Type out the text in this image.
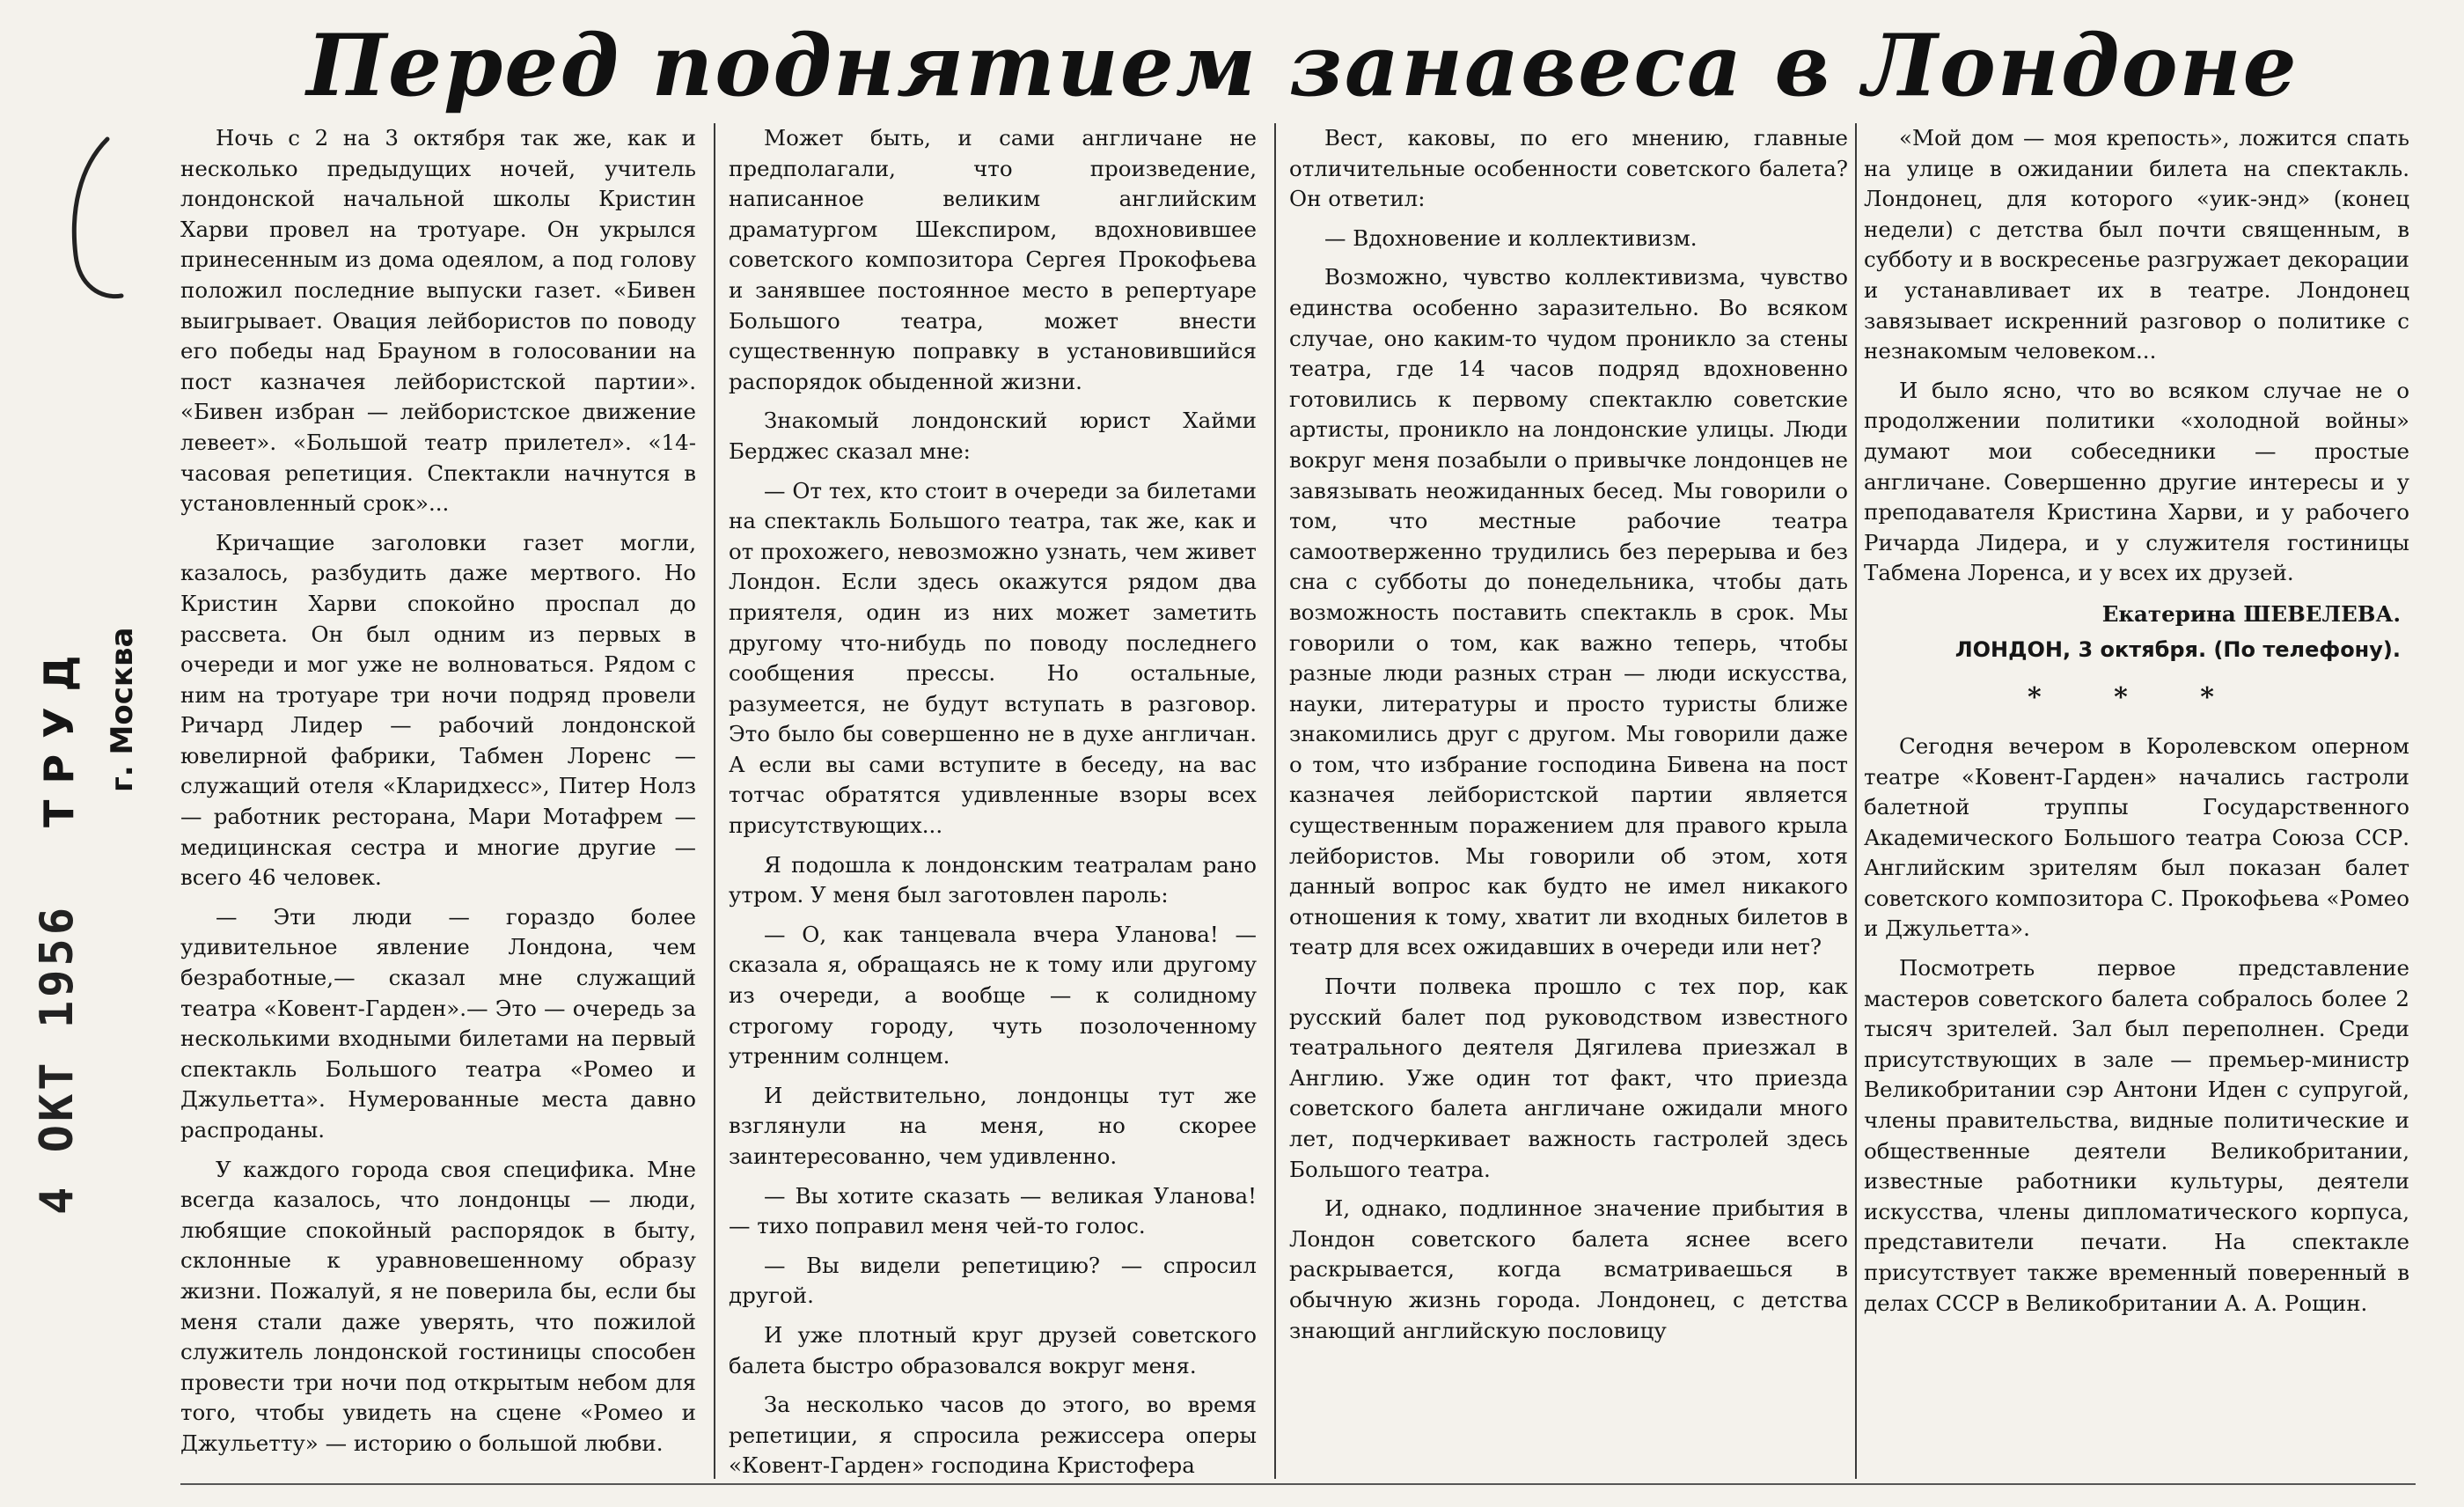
Перед поднятием занавеса в Лондоне
ТРУД г. Москва
4 ОКТ 1956

Ночь с 2 на 3 октября так же, как и несколько предыдущих ночей, учитель лондонской начальной школы Кристин Харви провел на тротуаре. Он укрылся принесенным из дома одеялом, а под голову положил последние выпуски газет. «Бивен выигрывает. Овация лейбористов по поводу его победы над Брауном в голосовании на пост казначея лейбористской партии». «Бивен избран — лейбористское движение левеет». «Большой театр прилетел». «14-часовая репетиция. Спектакли начнутся в установленный срок»...

Кричащие заголовки газет могли, казалось, разбудить даже мертвого. Но Кристин Харви спокойно проспал до рассвета. Он был одним из первых в очереди и мог уже не волноваться. Рядом с ним на тротуаре три ночи подряд провели Ричард Лидер — рабочий лондонской ювелирной фабрики, Табмен Лоренс — служащий отеля «Кларидхесс», Питер Нолз — работник ресторана, Мари Мотафрем — медицинская сестра и многие другие — всего 46 человек.

— Эти люди — гораздо более удивительное явление Лондона, чем безработные,— сказал мне служащий театра «Ковент-Гарден».— Это — очередь за несколькими входными билетами на первый спектакль Большого театра «Ромео и Джульетта». Нумерованные места давно распроданы.

У каждого города своя специфика. Мне всегда казалось, что лондонцы — люди, любящие спокойный распорядок в быту, склонные к уравновешенному образу жизни. Пожалуй, я не поверила бы, если бы меня стали даже уверять, что пожилой служитель лондонской гостиницы способен провести три ночи под открытым небом для того, чтобы увидеть на сцене «Ромео и Джульетту» — историю о большой любви.

Может быть, и сами англичане не предполагали, что произведение, написанное великим английским драматургом Шекспиром, вдохновившее советского композитора Сергея Прокофьева и занявшее постоянное место в репертуаре Большого театра, может внести существенную поправку в установившийся распорядок обыденной жизни.

Знакомый лондонский юрист Хайми Берджес сказал мне:

— От тех, кто стоит в очереди за билетами на спектакль Большого театра, так же, как и от прохожего, невозможно узнать, чем живет Лондон. Если здесь окажутся рядом два приятеля, один из них может заметить другому что-нибудь по поводу последнего сообщения прессы. Но остальные, разумеется, не будут вступать в разговор. Это было бы совершенно не в духе англичан. А если вы сами вступите в беседу, на вас тотчас обратятся удивленные взоры всех присутствующих...

Я подошла к лондонским театралам рано утром. У меня был заготовлен пароль:

— О, как танцевала вчера Уланова! — сказала я, обращаясь не к тому или другому из очереди, а вообще — к солидному строгому городу, чуть позолоченному утренним солнцем.

И действительно, лондонцы тут же взглянули на меня, но скорее заинтересованно, чем удивленно.

— Вы хотите сказать — великая Уланова! — тихо поправил меня чей-то голос.

— Вы видели репетицию? — спросил другой.

И уже плотный круг друзей советского балета быстро образовался вокруг меня.

За несколько часов до этого, во время репетиции, я спросила режиссера оперы «Ковент-Гарден» господина Кристофера

Вест, каковы, по его мнению, главные отличительные особенности советского балета? Он ответил:

— Вдохновение и коллективизм.

Возможно, чувство коллективизма, чувство единства особенно заразительно. Во всяком случае, оно каким-то чудом проникло за стены театра, где 14 часов подряд вдохновенно готовились к первому спектаклю советские артисты, проникло на лондонские улицы. Люди вокруг меня позабыли о привычке лондонцев не завязывать неожиданных бесед. Мы говорили о том, что местные рабочие театра самоотверженно трудились без перерыва и без сна с субботы до понедельника, чтобы дать возможность поставить спектакль в срок. Мы говорили о том, как важно теперь, чтобы разные люди разных стран — люди искусства, науки, литературы и просто туристы ближе знакомились друг с другом. Мы говорили даже о том, что избрание господина Бивена на пост казначея лейбористской партии является существенным поражением для правого крыла лейбористов. Мы говорили об этом, хотя данный вопрос как будто не имел никакого отношения к тому, хватит ли входных билетов в театр для всех ожидавших в очереди или нет?

Почти полвека прошло с тех пор, как русский балет под руководством известного театрального деятеля Дягилева приезжал в Англию. Уже один тот факт, что приезда советского балета англичане ожидали много лет, подчеркивает важность гастролей здесь Большого театра.

И, однако, подлинное значение прибытия в Лондон советского балета яснее всего раскрывается, когда всматриваешься в обычную жизнь города. Лондонец, с детства знающий английскую пословицу

«Мой дом — моя крепость», ложится спать на улице в ожидании билета на спектакль. Лондонец, для которого «уик-энд» (конец недели) с детства был почти священным, в субботу и в воскресенье разгружает декорации и устанавливает их в театре. Лондонец завязывает искренний разговор о политике с незнакомым человеком...

И было ясно, что во всяком случае не о продолжении политики «холодной войны» думают мои собеседники — простые англичане. Совершенно другие интересы и у преподавателя Кристина Харви, и у рабочего Ричарда Лидера, и у служителя гостиницы Табмена Лоренса, и у всех их друзей.

Екатерина ШЕВЕЛЕВА.
ЛОНДОН, 3 октября. (По телефону).
* * *

Сегодня вечером в Королевском оперном театре «Ковент-Гарден» начались гастроли балетной труппы Государственного Академического Большого театра Союза ССР. Английским зрителям был показан балет советского композитора С. Прокофьева «Ромео и Джульетта».

Посмотреть первое представление мастеров советского балета собралось более 2 тысяч зрителей. Зал был переполнен. Среди присутствующих в зале — премьер-министр Великобритании сэр Антони Иден с супругой, члены правительства, видные политические и общественные деятели Великобритании, известные работники культуры, деятели искусства, члены дипломатического корпуса, представители печати. На спектакле присутствует также временный поверенный в делах СССР в Великобритании А. А. Рощин.
